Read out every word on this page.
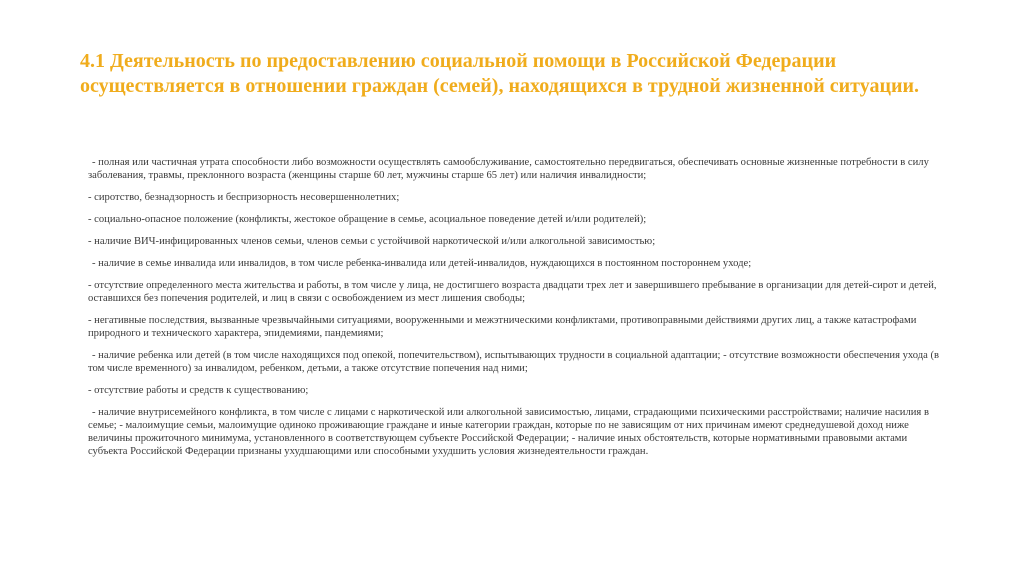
4.1 Деятельность по предоставлению социальной помощи в Российской Федерации осуществляется в отношении граждан (семей), находящихся в трудной жизненной ситуации.
- полная или частичная утрата способности либо возможности осуществлять самообслуживание, самостоятельно передвигаться, обеспечивать основные жизненные потребности в силу заболевания, травмы, преклонного возраста (женщины старше 60 лет, мужчины старше 65 лет) или наличия инвалидности;
- сиротство, безнадзорность и беспризорность несовершеннолетних;
- социально-опасное положение (конфликты, жестокое обращение в семье, асоциальное поведение детей и/или родителей);
- наличие ВИЧ-инфицированных членов семьи, членов семьи с устойчивой наркотической и/или алкогольной зависимостью;
- наличие в семье инвалида или инвалидов, в том числе ребенка-инвалида или детей-инвалидов, нуждающихся в постоянном постороннем уходе;
- отсутствие определенного места жительства и работы, в том числе у лица, не достигшего возраста двадцати трех лет и завершившего пребывание в организации для детей-сирот и детей, оставшихся без попечения родителей, и лиц в связи с освобождением из мест лишения свободы;
- негативные последствия, вызванные чрезвычайными ситуациями, вооруженными и межэтническими конфликтами, противоправными действиями других лиц, а также катастрофами природного и технического характера, эпидемиями, пандемиями;
- наличие ребенка или детей (в том числе находящихся под опекой, попечительством), испытывающих трудности в социальной адаптации; - отсутствие возможности обеспечения ухода (в том числе временного) за инвалидом, ребенком, детьми, а также отсутствие попечения над ними;
- отсутствие работы и средств к существованию;
- наличие внутрисемейного конфликта, в том числе с лицами с наркотической или алкогольной зависимостью, лицами, страдающими психическими расстройствами; наличие насилия в семье; - малоимущие семьи, малоимущие одиноко проживающие граждане и иные категории граждан, которые по не зависящим от них причинам имеют среднедушевой доход ниже величины прожиточного минимума, установленного в соответствующем субъекте Российской Федерации; - наличие иных обстоятельств, которые нормативными правовыми актами субъекта Российской Федерации признаны ухудшающими или способными ухудшить условия жизнедеятельности граждан.
